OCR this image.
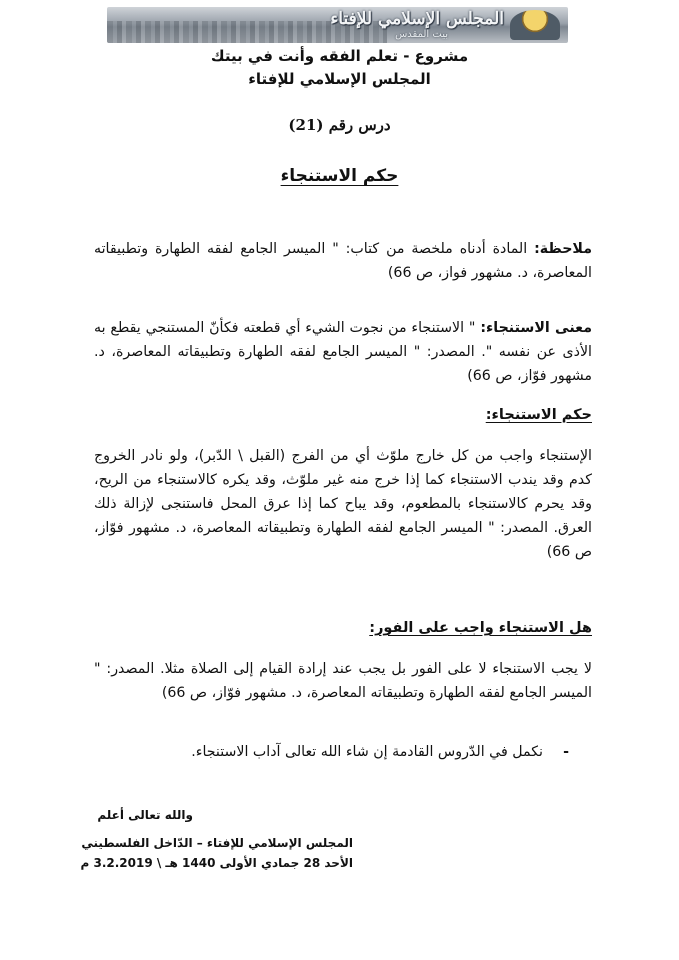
المجلس الإسلامي للإفتاء
بيت المقدس
مشروع - تعلم الفقه وأنت في بيتك
المجلس الإسلامي للإفتاء
درس رقم (21)
حكم الاستنجاء
ملاحظة: المادة أدناه ملخصة من كتاب: " الميسر الجامع لفقه الطهارة وتطبيقاته المعاصرة، د. مشهور فواز، ص 66)
معنى الاستنجاء: " الاستنجاء من نجوت الشيء أي قطعته فكأنّ المستنجي يقطع به الأذى عن نفسه ". المصدر: " الميسر الجامع لفقه الطهارة وتطبيقاته المعاصرة، د. مشهور فوّاز، ص 66)
حكم الاستنجاء:
الإستنجاء واجب من كل خارج ملوّث أي من الفرج (القبل \ الدّبر)، ولو نادر الخروج كدم وقد يندب الاستنجاء كما إذا خرج منه غير ملوّث، وقد يكره كالاستنجاء من الريح، وقد يحرم كالاستنجاء بالمطعوم، وقد يباح كما إذا عرق المحل فاستنجى لإزالة ذلك العرق. المصدر: " الميسر الجامع لفقه الطهارة وتطبيقاته المعاصرة، د. مشهور فوّاز، ص 66)
هل الاستنجاء واجب على الفور:
لا يجب الاستنجاء لا على الفور بل يجب عند إرادة القيام إلى الصلاة مثلا. المصدر: " الميسر الجامع لفقه الطهارة وتطبيقاته المعاصرة، د. مشهور فوّاز، ص 66)
-نكمل في الدّروس القادمة إن شاء الله تعالى آداب الاستنجاء.
والله تعالى أعلم
المجلس الإسلامي للإفتاء – الدّاخل الفلسطيني
الأحد 28 جمادي الأولى 1440 هـ \ 3.2.2019 م
